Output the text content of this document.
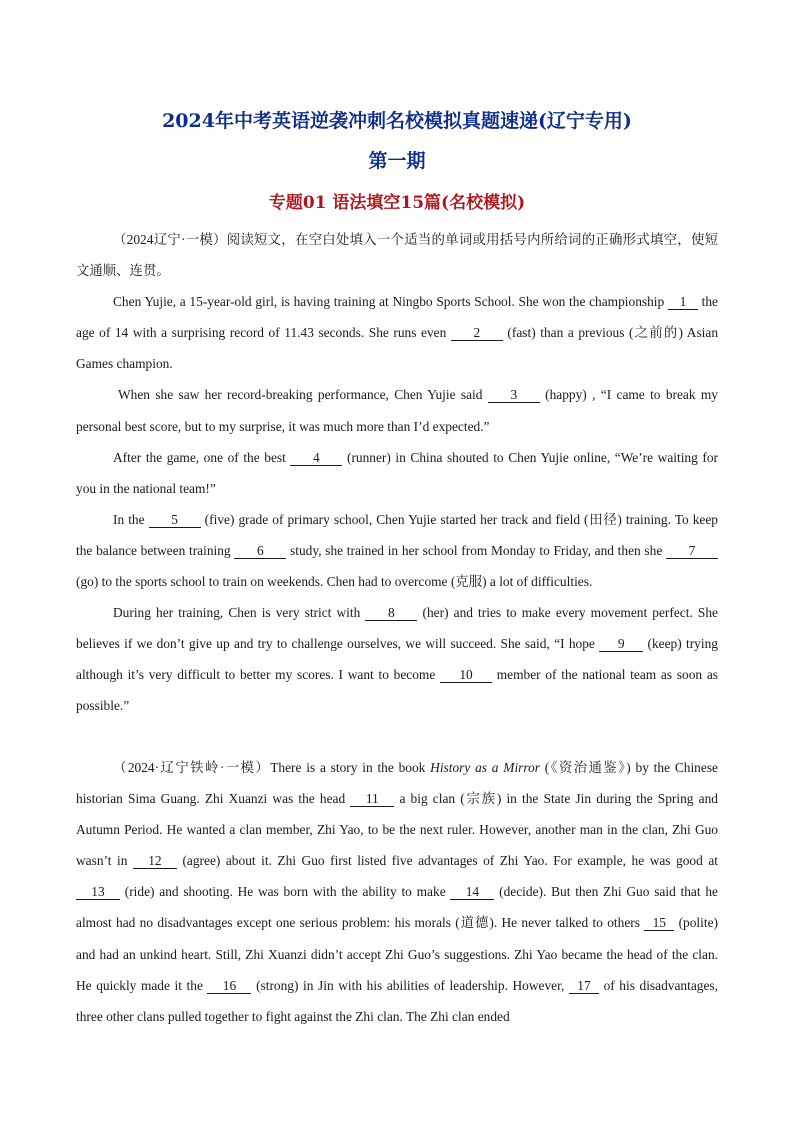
2024年中考英语逆袭冲刺名校模拟真题速递(辽宁专用)
第一期
专题01 语法填空15篇(名校模拟)

（2024辽宁·一模）阅读短文，在空白处填入一个适当的单词或用括号内所给词的正确形式填空，使短文通顺、连贯。

Chen Yujie, a 15-year-old girl, is having training at Ningbo Sports School. She won the championship 1 the age of 14 with a surprising record of 11.43 seconds. She runs even 2 (fast) than a previous (之前的) Asian Games champion.

When she saw her record-breaking performance, Chen Yujie said 3 (happy) , “I came to break my personal best score, but to my surprise, it was much more than I’d expected.”

After the game, one of the best 4 (runner) in China shouted to Chen Yujie online, “We’re waiting for you in the national team!”

In the 5 (five) grade of primary school, Chen Yujie started her track and field (田径) training. To keep the balance between training 6 study, she trained in her school from Monday to Friday, and then she 7 (go) to the sports school to train on weekends. Chen had to overcome (克服) a lot of difficulties.

During her training, Chen is very strict with 8 (her) and tries to make every movement perfect. She believes if we don’t give up and try to challenge ourselves, we will succeed. She said, “I hope 9 (keep) trying although it’s very difficult to better my scores. I want to become 10 member of the national team as soon as possible.”

（2024·辽宁铁岭·一模）There is a story in the book History as a Mirror (《资治通鉴》) by the Chinese historian Sima Guang. Zhi Xuanzi was the head 11 a big clan (宗族) in the State Jin during the Spring and Autumn Period. He wanted a clan member, Zhi Yao, to be the next ruler. However, another man in the clan, Zhi Guo wasn’t in 12 (agree) about it. Zhi Guo first listed five advantages of Zhi Yao. For example, he was good at 13 (ride) and shooting. He was born with the ability to make 14 (decide). But then Zhi Guo said that he almost had no disadvantages except one serious problem: his morals (道德). He never talked to others 15 (polite) and had an unkind heart. Still, Zhi Xuanzi didn’t accept Zhi Guo’s suggestions. Zhi Yao became the head of the clan. He quickly made it the 16 (strong) in Jin with his abilities of leadership. However, 17 of his disadvantages, three other clans pulled together to fight against the Zhi clan. The Zhi clan ended
